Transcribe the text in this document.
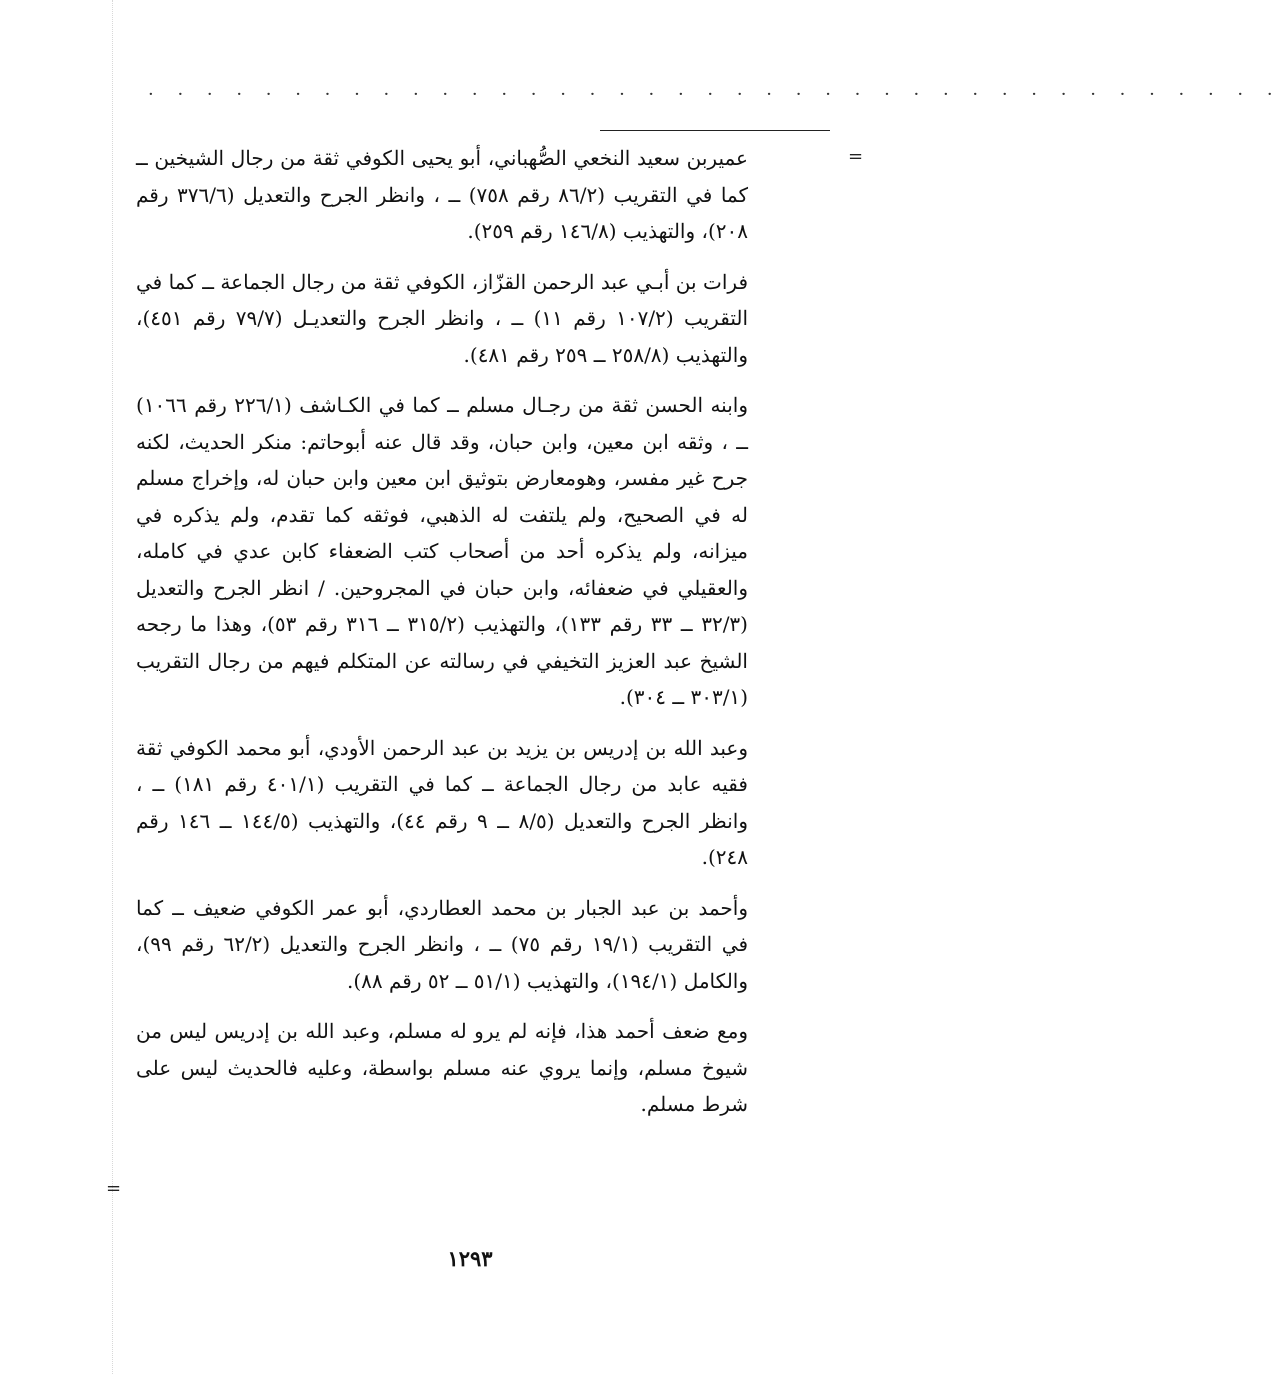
· · · · · · · · · · · · · · · · · · · · · · · · · · · · · · · · · · · · · · ·
=
=

عميربن سعيد النخعي الصُّهباني، أبو يحيى الكوفي ثقة من رجال الشيخين ــ كما في التقريب (٨٦/٢ رقم ٧٥٨) ــ ، وانظر الجرح والتعديل (٣٧٦/٦ رقم ٢٠٨)، والتهذيب (١٤٦/٨ رقم ٢٥٩).

فرات بن أبـي عبد الرحمن القزّاز، الكوفي ثقة من رجال الجماعة ــ كما في التقريب (١٠٧/٢ رقم ١١) ــ ، وانظر الجرح والتعديـل (٧٩/٧ رقم ٤٥١)، والتهذيب (٢٥٨/٨ ــ ٢٥٩ رقم ٤٨١).

وابنه الحسن ثقة من رجـال مسلم ــ كما في الكـاشف (٢٢٦/١ رقم ١٠٦٦) ــ ، وثقه ابن معين، وابن حبان، وقد قال عنه أبوحاتم: منكر الحديث، لكنه جرح غير مفسر، وهومعارض بتوثيق ابن معين وابن حبان له، وإخراج مسلم له في الصحيح، ولم يلتفت له الذهبي، فوثقه كما تقدم، ولم يذكره في ميزانه، ولم يذكره أحد من أصحاب كتب الضعفاء كابن عدي في كامله، والعقيلي في ضعفائه، وابن حبان في المجروحين. / انظر الجرح والتعديل (٣٢/٣ ــ ٣٣ رقم ١٣٣)، والتهذيب (٣١٥/٢ ــ ٣١٦ رقم ٥٣)، وهذا ما رجحه الشيخ عبد العزيز التخيفي في رسالته عن المتكلم فيهم من رجال التقريب (٣٠٣/١ ــ ٣٠٤).

وعبد الله بن إدريس بن يزيد بن عبد الرحمن الأودي، أبو محمد الكوفي ثقة فقيه عابد من رجال الجماعة ــ كما في التقريب (٤٠١/١ رقم ١٨١) ــ ، وانظر الجرح والتعديل (٨/٥ ــ ٩ رقم ٤٤)، والتهذيب (١٤٤/٥ ــ ١٤٦ رقم ٢٤٨).

وأحمد بن عبد الجبار بن محمد العطاردي، أبو عمر الكوفي ضعيف ــ كما في التقريب (١٩/١ رقم ٧٥) ــ ، وانظر الجرح والتعديل (٦٢/٢ رقم ٩٩)، والكامل (١٩٤/١)، والتهذيب (٥١/١ ــ ٥٢ رقم ٨٨).

ومع ضعف أحمد هذا، فإنه لم يرو له مسلم، وعبد الله بن إدريس ليس من شيوخ مسلم، وإنما يروي عنه مسلم بواسطة، وعليه فالحديث ليس على شرط مسلم.

١٢٩٣
